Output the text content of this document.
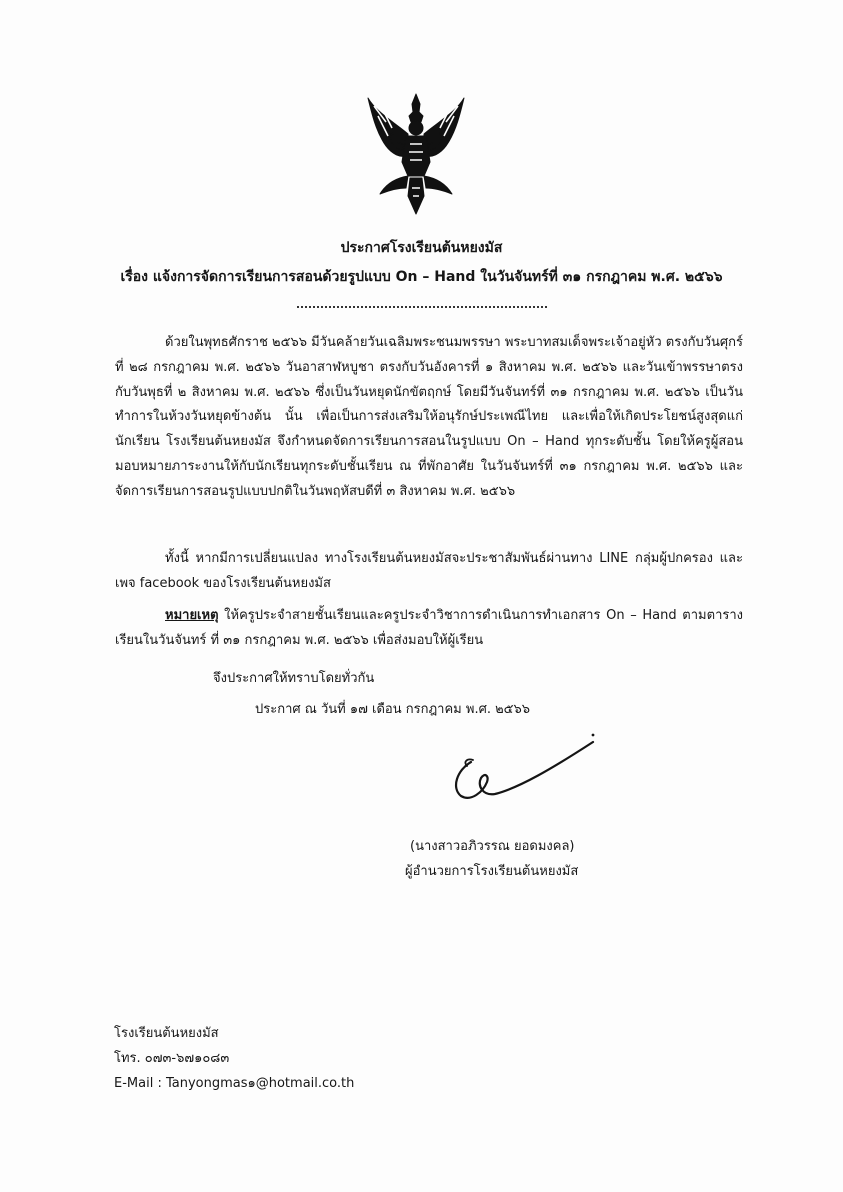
ประกาศโรงเรียนต้นหยงมัส
เรื่อง แจ้งการจัดการเรียนการสอนด้วยรูปแบบ On – Hand ในวันจันทร์ที่ ๓๑ กรกฎาคม พ.ศ. ๒๕๖๖
ด้วยในพุทธศักราช ๒๕๖๖ มีวันคล้ายวันเฉลิมพระชนมพรรษา พระบาทสมเด็จพระเจ้าอยู่หัว ตรงกับวันศุกร์ที่ ๒๘ กรกฎาคม พ.ศ. ๒๕๖๖ วันอาสาฬหบูชา ตรงกับวันอังคารที่ ๑ สิงหาคม พ.ศ. ๒๕๖๖ และวันเข้าพรรษาตรงกับวันพุธที่ ๒ สิงหาคม พ.ศ. ๒๕๖๖ ซึ่งเป็นวันหยุดนักขัตฤกษ์ โดยมีวันจันทร์ที่ ๓๑ กรกฎาคม พ.ศ. ๒๕๖๖ เป็นวันทำการในห้วงวันหยุดข้างต้น นั้น เพื่อเป็นการส่งเสริมให้อนุรักษ์ประเพณีไทย และเพื่อให้เกิดประโยชน์สูงสุดแก่นักเรียน โรงเรียนต้นหยงมัส จึงกำหนดจัดการเรียนการสอนในรูปแบบ On – Hand ทุกระดับชั้น โดยให้ครูผู้สอนมอบหมายภาระงานให้กับนักเรียนทุกระดับชั้นเรียน ณ ที่พักอาศัย ในวันจันทร์ที่ ๓๑ กรกฎาคม พ.ศ. ๒๕๖๖ และจัดการเรียนการสอนรูปแบบปกติในวันพฤหัสบดีที่ ๓ สิงหาคม พ.ศ. ๒๕๖๖
ทั้งนี้ หากมีการเปลี่ยนแปลง ทางโรงเรียนต้นหยงมัสจะประชาสัมพันธ์ผ่านทาง LINE กลุ่มผู้ปกครอง และเพจ facebook ของโรงเรียนต้นหยงมัส
หมายเหตุ ให้ครูประจำสายชั้นเรียนและครูประจำวิชาการดำเนินการทำเอกสาร On – Hand ตามตารางเรียนในวันจันทร์ ที่ ๓๑ กรกฎาคม พ.ศ. ๒๕๖๖ เพื่อส่งมอบให้ผู้เรียน
จึงประกาศให้ทราบโดยทั่วกัน
ประกาศ ณ วันที่ ๑๗ เดือน กรกฎาคม พ.ศ. ๒๕๖๖
(นางสาวอภิวรรณ ยอดมงคล)
ผู้อำนวยการโรงเรียนต้นหยงมัส
โรงเรียนต้นหยงมัส
โทร. ๐๗๓-๖๗๑๐๘๓
E-Mail : Tanyongmas๑@hotmail.co.th
